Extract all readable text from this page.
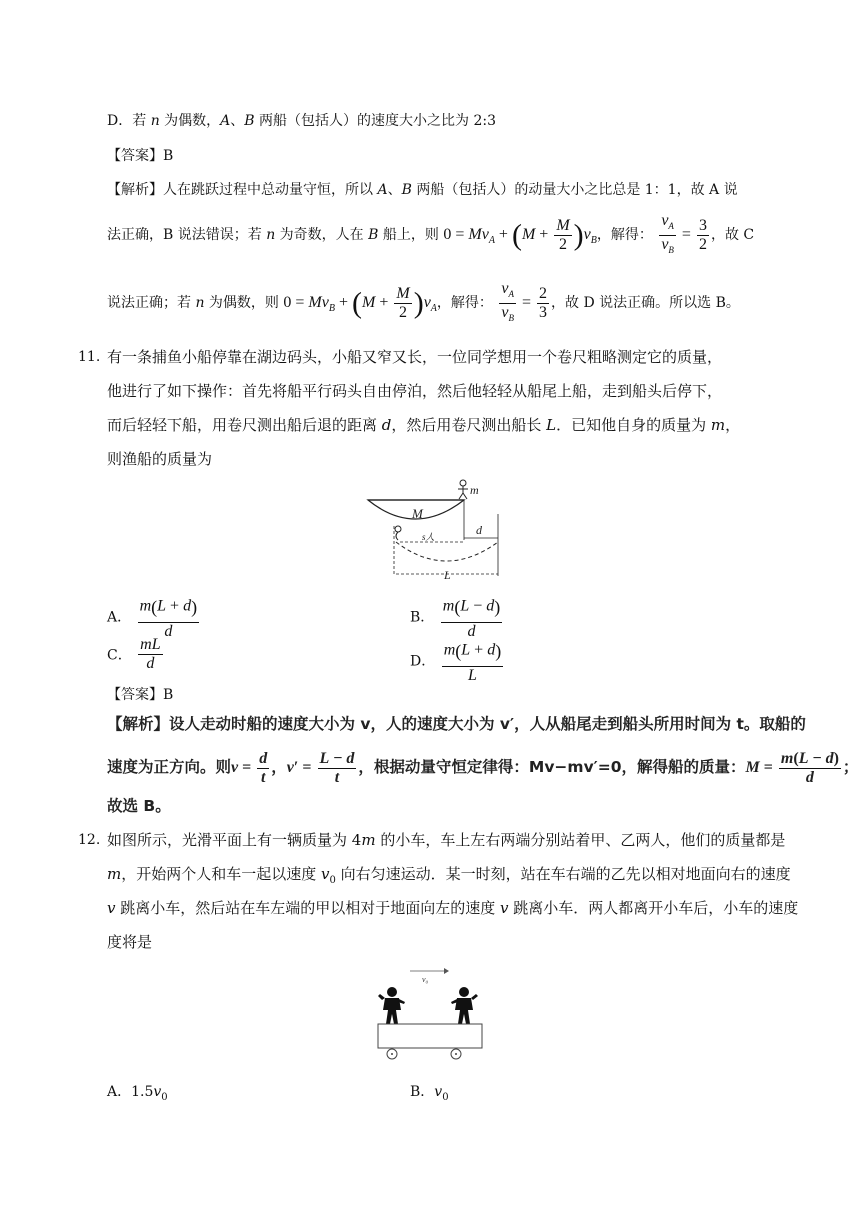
D．若 n 为偶数，A、B 两船（包括人）的速度大小之比为 2:3
【答案】B
【解析】人在跳跃过程中总动量守恒，所以 A、B 两船（包括人）的动量大小之比总是 1：1，故 A 说
法正确，B 说法错误；若 n 为奇数，人在 B 船上，则 $0 = Mv_A + (M + \frac{M}{2} )v_B$，解得： $\frac{v_A}{v_B} = \frac{3}{2}$ ，故 C
说法正确；若 n 为偶数，则 $0 = Mv_B + (M + \frac{M}{2} )v_A$，解得： $\frac{v_A}{v_B} = \frac{2}{3}$ ，故 D 说法正确。所以选 B。
11. 有一条捕鱼小船停靠在湖边码头，小船又窄又长，一位同学想用一个卷尺粗略测定它的质量，
他进行了如下操作：首先将船平行码头自由停泊，然后他轻轻从船尾上船，走到船头后停下，
而后轻轻下船，用卷尺测出船后退的距离 d，然后用卷尺测出船长 L．已知他自身的质量为 m，
则渔船的质量为
M
m
d
s人
L
A． $\frac{m(L + d)}{d}$	B． $\frac{m(L - d)}{d}$
C． $\frac{mL}{d}$	D． $\frac{m(L + d)}{L}$
【答案】B
【解析】设人走动时船的速度大小为 v，人的速度大小为 v′，人从船尾走到船头所用时间为 t。取船的
速度为正方向。则$v = \frac{d}{t}$ ，$v' = \frac{L - d}{t}$ ，根据动量守恒定律得：Mv−mv′=0，解得船的质量：$M = \frac{m(L - d)}{d}$ ；
故选 B。
12. 如图所示，光滑平面上有一辆质量为 4m 的小车，车上左右两端分别站着甲、乙两人，他们的质量都是
m，开始两个人和车一起以速度 $v_0$ 向右匀速运动．某一时刻，站在车右端的乙先以相对地面向右的速度
v 跳离小车，然后站在车左端的甲以相对于地面向左的速度 v 跳离小车．两人都离开小车后，小车的速度
度将是
v₀
A．$1.5v_0$	B．$v_0$
